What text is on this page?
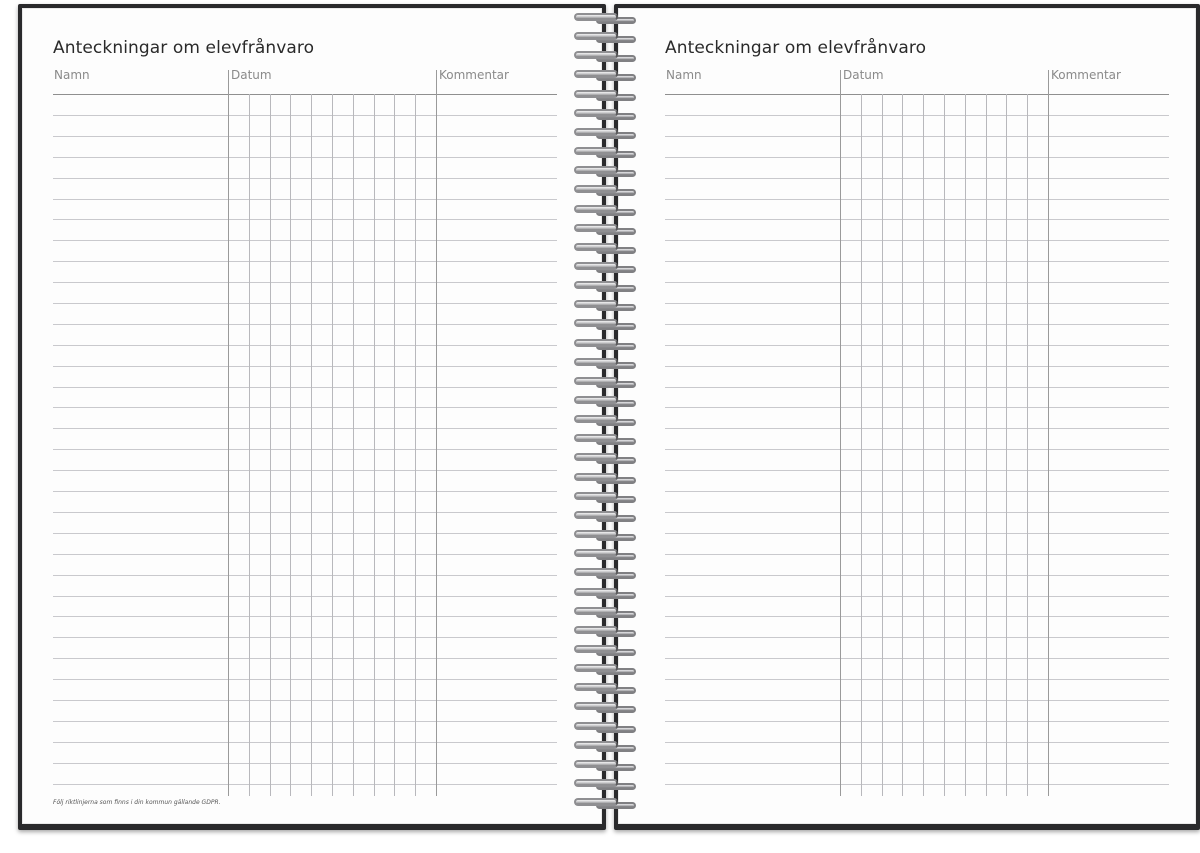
Anteckningar om elevfrånvaro
Namn	Datum	Kommentar
Följ riktlinjerna som finns i din kommun gällande GDPR.
Anteckningar om elevfrånvaro
Namn	Datum	Kommentar
